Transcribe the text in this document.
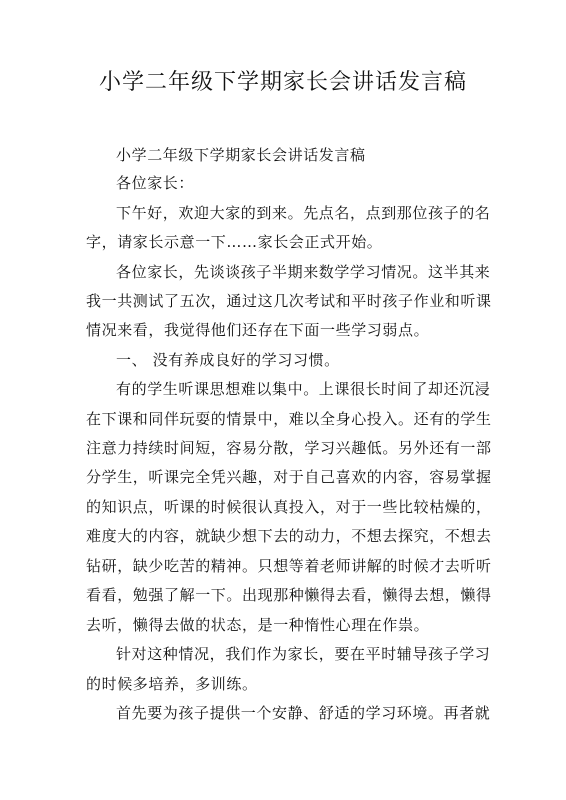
小学二年级下学期家长会讲话发言稿
小学二年级下学期家长会讲话发言稿
各位家长：
下午好，欢迎大家的到来。先点名，点到那位孩子的名
字，请家长示意一下……家长会正式开始。
各位家长，先谈谈孩子半期来数学学习情况。这半其来
我一共测试了五次，通过这几次考试和平时孩子作业和听课
情况来看，我觉得他们还存在下面一些学习弱点。
一、 没有养成良好的学习习惯。
有的学生听课思想难以集中。上课很长时间了却还沉浸
在下课和同伴玩耍的情景中，难以全身心投入。还有的学生
注意力持续时间短，容易分散，学习兴趣低。另外还有一部
分学生，听课完全凭兴趣，对于自己喜欢的内容，容易掌握
的知识点，听课的时候很认真投入，对于一些比较枯燥的，
难度大的内容，就缺少想下去的动力，不想去探究，不想去
钻研，缺少吃苦的精神。只想等着老师讲解的时候才去听听
看看，勉强了解一下。出现那种懒得去看，懒得去想，懒得
去听，懒得去做的状态，是一种惰性心理在作祟。
针对这种情况，我们作为家长，要在平时辅导孩子学习
的时候多培养，多训练。
首先要为孩子提供一个安静、舒适的学习环境。再者就
